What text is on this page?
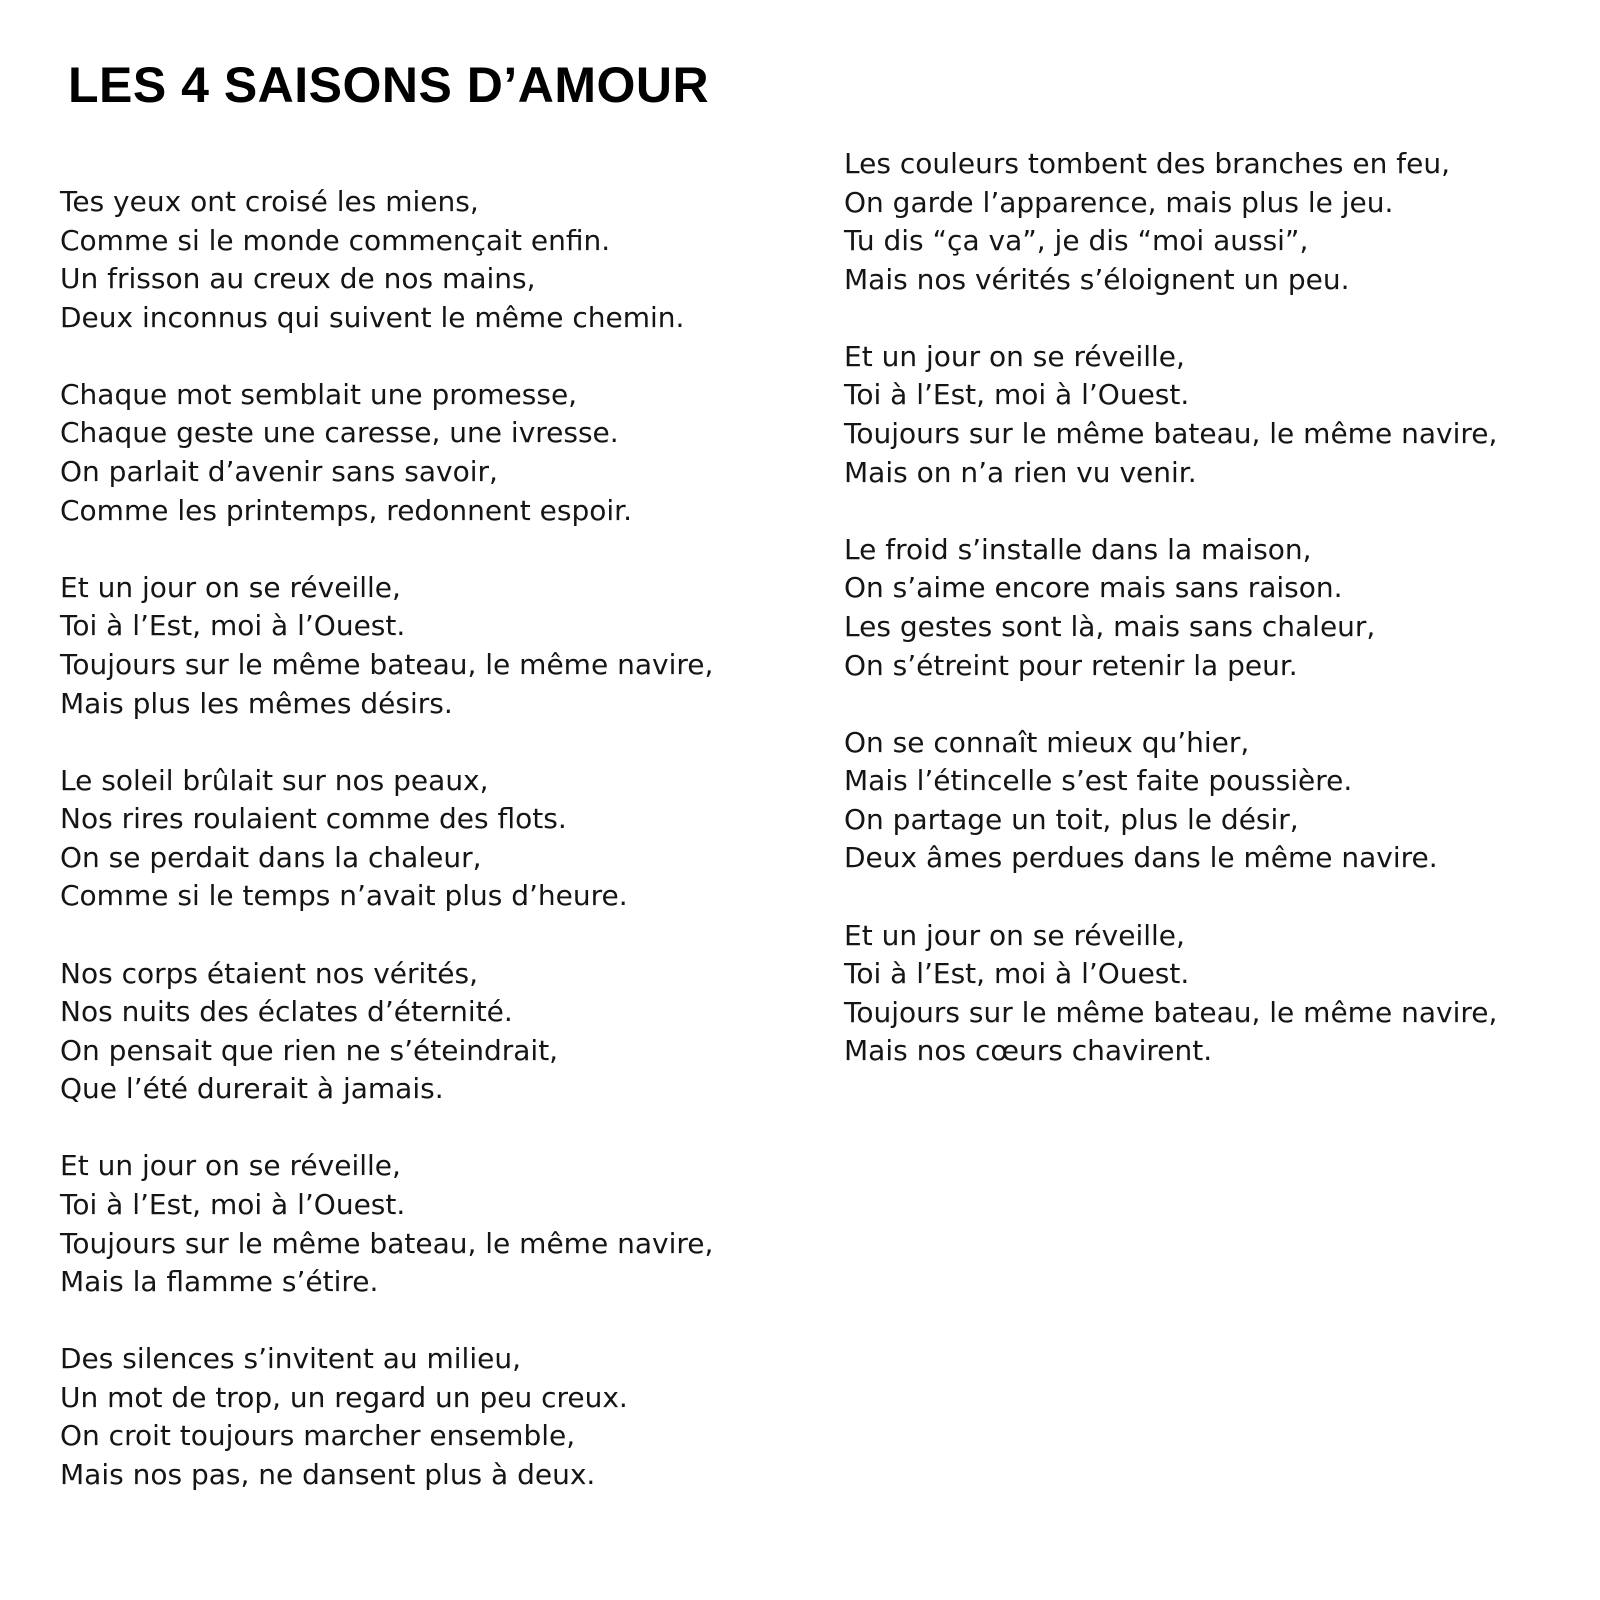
LES 4 SAISONS D’AMOUR
Tes yeux ont croisé les miens,
Comme si le monde commençait enfin.
Un frisson au creux de nos mains,
Deux inconnus qui suivent le même chemin.
Chaque mot semblait une promesse,
Chaque geste une caresse, une ivresse.
On parlait d’avenir sans savoir,
Comme les printemps, redonnent espoir.
Et un jour on se réveille,
Toi à l’Est, moi à l’Ouest.
Toujours sur le même bateau, le même navire,
Mais plus les mêmes désirs.
Le soleil brûlait sur nos peaux,
Nos rires roulaient comme des flots.
On se perdait dans la chaleur,
Comme si le temps n’avait plus d’heure.
Nos corps étaient nos vérités,
Nos nuits des éclates d’éternité.
On pensait que rien ne s’éteindrait,
Que l’été durerait à jamais.
Et un jour on se réveille,
Toi à l’Est, moi à l’Ouest.
Toujours sur le même bateau, le même navire,
Mais la flamme s’étire.
Des silences s’invitent au milieu,
Un mot de trop, un regard un peu creux.
On croit toujours marcher ensemble,
Mais nos pas, ne dansent plus à deux.
Les couleurs tombent des branches en feu,
On garde l’apparence, mais plus le jeu.
Tu dis “ça va”, je dis “moi aussi”,
Mais nos vérités s’éloignent un peu.
Et un jour on se réveille,
Toi à l’Est, moi à l’Ouest.
Toujours sur le même bateau, le même navire,
Mais on n’a rien vu venir.
Le froid s’installe dans la maison,
On s’aime encore mais sans raison.
Les gestes sont là, mais sans chaleur,
On s’étreint pour retenir la peur.
On se connaît mieux qu’hier,
Mais l’étincelle s’est faite poussière.
On partage un toit, plus le désir,
Deux âmes perdues dans le même navire.
Et un jour on se réveille,
Toi à l’Est, moi à l’Ouest.
Toujours sur le même bateau, le même navire,
Mais nos cœurs chavirent.
